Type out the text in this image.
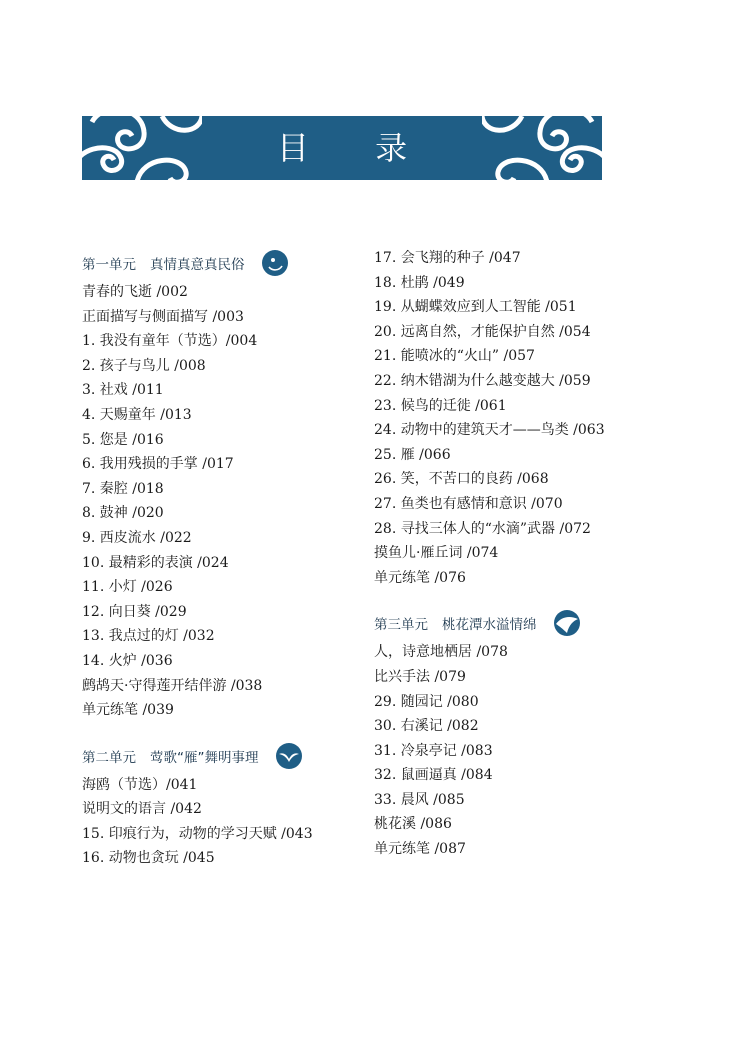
目 录
第一单元 真情真意真民俗
青春的飞逝 /002
正面描写与侧面描写 /003
1. 我没有童年（节选）/004
2. 孩子与鸟儿 /008
3. 社戏 /011
4. 天赐童年 /013
5. 您是 /016
6. 我用残损的手掌 /017
7. 秦腔 /018
8. 鼓神 /020
9. 西皮流水 /022
10. 最精彩的表演 /024
11. 小灯 /026
12. 向日葵 /029
13. 我点过的灯 /032
14. 火炉 /036
鹧鸪天·守得莲开结伴游 /038
单元练笔 /039
第二单元 莺歌“雁”舞明事理
海鸥（节选）/041
说明文的语言 /042
15. 印痕行为，动物的学习天赋 /043
16. 动物也贪玩 /045
17. 会飞翔的种子 /047
18. 杜鹃 /049
19. 从蝴蝶效应到人工智能 /051
20. 远离自然，才能保护自然 /054
21. 能喷冰的“火山” /057
22. 纳木错湖为什么越变越大 /059
23. 候鸟的迁徙 /061
24. 动物中的建筑天才——鸟类 /063
25. 雁 /066
26. 笑，不苦口的良药 /068
27. 鱼类也有感情和意识 /070
28. 寻找三体人的“水滴”武器 /072
摸鱼儿·雁丘词 /074
单元练笔 /076
第三单元 桃花潭水溢情绵
人，诗意地栖居 /078
比兴手法 /079
29. 随园记 /080
30. 右溪记 /082
31. 冷泉亭记 /083
32. 鼠画逼真 /084
33. 晨风 /085
桃花溪 /086
单元练笔 /087
